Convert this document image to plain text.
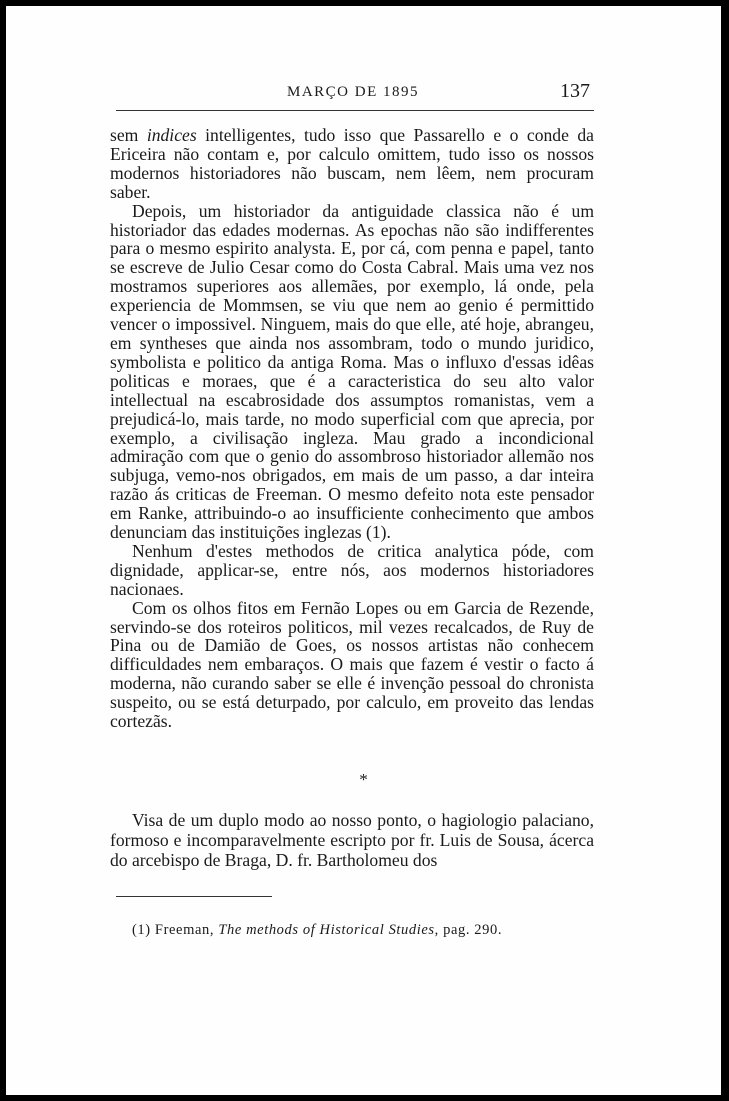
MARÇO DE 1895	137

sem indices intelligentes, tudo isso que Passarello e o conde da Ericeira não contam e, por calculo omittem, tudo isso os nossos modernos historiadores não buscam, nem lêem, nem procuram saber.

Depois, um historiador da antiguidade classica não é um historiador das edades modernas. As epochas não são indifferentes para o mesmo espirito analysta. E, por cá, com penna e papel, tanto se escreve de Julio Cesar como do Costa Cabral. Mais uma vez nos mostramos superiores aos allemães, por exemplo, lá onde, pela experiencia de Mommsen, se viu que nem ao genio é permittido vencer o impossivel. Ninguem, mais do que elle, até hoje, abrangeu, em syntheses que ainda nos assombram, todo o mundo juridico, symbolista e politico da antiga Roma. Mas o influxo d'essas idêas politicas e moraes, que é a caracteristica do seu alto valor intellectual na escabrosidade dos assumptos romanistas, vem a prejudicá-lo, mais tarde, no modo superficial com que aprecia, por exemplo, a civilisação ingleza. Mau grado a incondicional admiração com que o genio do assombroso historiador allemão nos subjuga, vemo-nos obrigados, em mais de um passo, a dar inteira razão ás criticas de Freeman. O mesmo defeito nota este pensador em Ranke, attribuindo-o ao insufficiente conhecimento que ambos denunciam das instituições inglezas (1).

Nenhum d'estes methodos de critica analytica póde, com dignidade, applicar-se, entre nós, aos modernos historiadores nacionaes.

Com os olhos fitos em Fernão Lopes ou em Garcia de Rezende, servindo-se dos roteiros politicos, mil vezes recalcados, de Ruy de Pina ou de Damião de Goes, os nossos artistas não conhecem difficuldades nem embaraços. O mais que fazem é vestir o facto á moderna, não curando saber se elle é invenção pessoal do chronista suspeito, ou se está deturpado, por calculo, em proveito das lendas cortezãs.

*

Visa de um duplo modo ao nosso ponto, o hagiologio palaciano, formoso e incomparavelmente escripto por fr. Luis de Sousa, ácerca do arcebispo de Braga, D. fr. Bartholomeu dos

(1) Freeman, The methods of Historical Studies, pag. 290.
